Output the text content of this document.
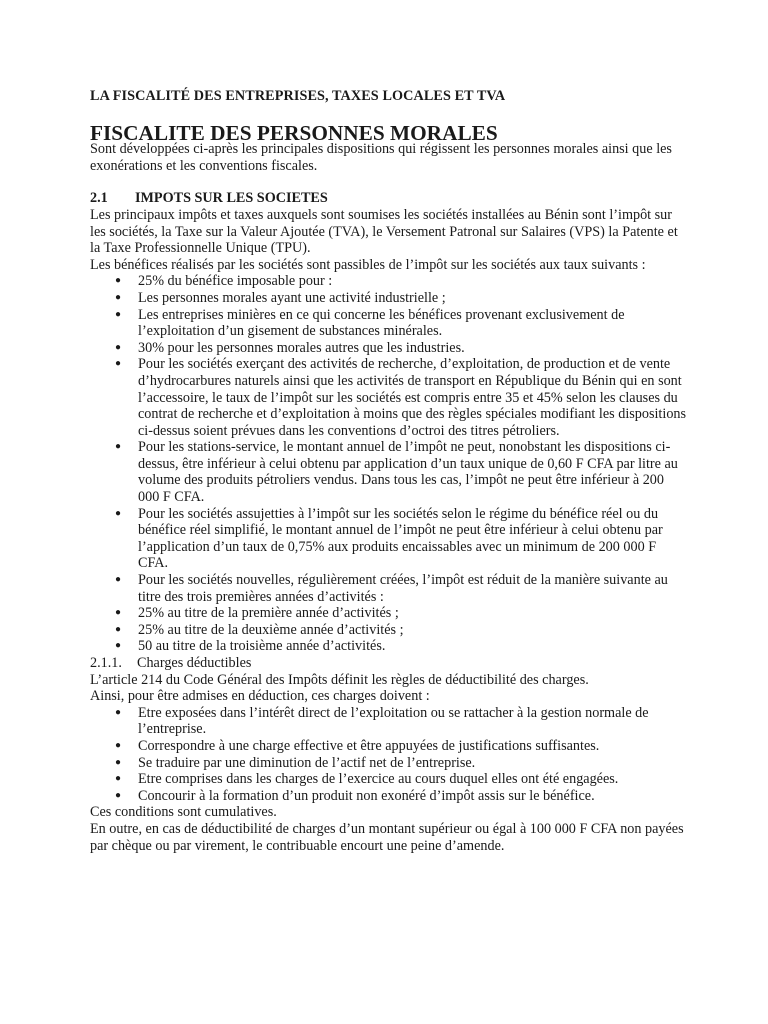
LA FISCALITÉ DES ENTREPRISES, TAXES LOCALES ET TVA
FISCALITE DES PERSONNES MORALES

Sont développées ci-après les principales dispositions qui régissent les personnes morales ainsi que les exonérations et les conventions fiscales.

2.1	IMPOTS SUR LES SOCIETES

Les principaux impôts et taxes auxquels sont soumises les sociétés installées au Bénin sont l’impôt sur les sociétés, la Taxe sur la Valeur Ajoutée (TVA), le Versement Patronal sur Salaires (VPS) la Patente et la Taxe Professionnelle Unique (TPU).

Les bénéfices réalisés par les sociétés sont passibles de l’impôt sur les sociétés aux taux suivants :

● 25% du bénéfice imposable pour :
● Les personnes morales ayant une activité industrielle ;
● Les entreprises minières en ce qui concerne les bénéfices provenant exclusivement de l’exploitation d’un gisement de substances minérales.
● 30% pour les personnes morales autres que les industries.
● Pour les sociétés exerçant des activités de recherche, d’exploitation, de production et de vente d’hydrocarbures naturels ainsi que les activités de transport en République du Bénin qui en sont l’accessoire, le taux de l’impôt sur les sociétés est compris entre 35 et 45% selon les clauses du contrat de recherche et d’exploitation à moins que des règles spéciales modifiant les dispositions ci-dessus soient prévues dans les conventions d’octroi des titres pétroliers.
● Pour les stations-service, le montant annuel de l’impôt ne peut, nonobstant les dispositions ci-dessus, être inférieur à celui obtenu par application d’un taux unique de 0,60 F CFA par litre au volume des produits pétroliers vendus. Dans tous les cas, l’impôt ne peut être inférieur à 200 000 F CFA.
● Pour les sociétés assujetties à l’impôt sur les sociétés selon le régime du bénéfice réel ou du bénéfice réel simplifié, le montant annuel de l’impôt ne peut être inférieur à celui obtenu par l’application d’un taux de 0,75% aux produits encaissables avec un minimum de 200 000 F CFA.
● Pour les sociétés nouvelles, régulièrement créées, l’impôt est réduit de la manière suivante au titre des trois premières années d’activités :
● 25% au titre de la première année d’activités ;
● 25% au titre de la deuxième année d’activités ;
● 50 au titre de la troisième année d’activités.
2.1.1.	Charges déductibles

L’article 214 du Code Général des Impôts définit les règles de déductibilité des charges.

Ainsi, pour être admises en déduction, ces charges doivent :

● Etre exposées dans l’intérêt direct de l’exploitation ou se rattacher à la gestion normale de l’entreprise.
● Correspondre à une charge effective et être appuyées de justifications suffisantes.
● Se traduire par une diminution de l’actif net de l’entreprise.
● Etre comprises dans les charges de l’exercice au cours duquel elles ont été engagées.
● Concourir à la formation d’un produit non exonéré d’impôt assis sur le bénéfice.

Ces conditions sont cumulatives.

En outre, en cas de déductibilité de charges d’un montant supérieur ou égal à 100 000 F CFA non payées par chèque ou par virement, le contribuable encourt une peine d’amende.
